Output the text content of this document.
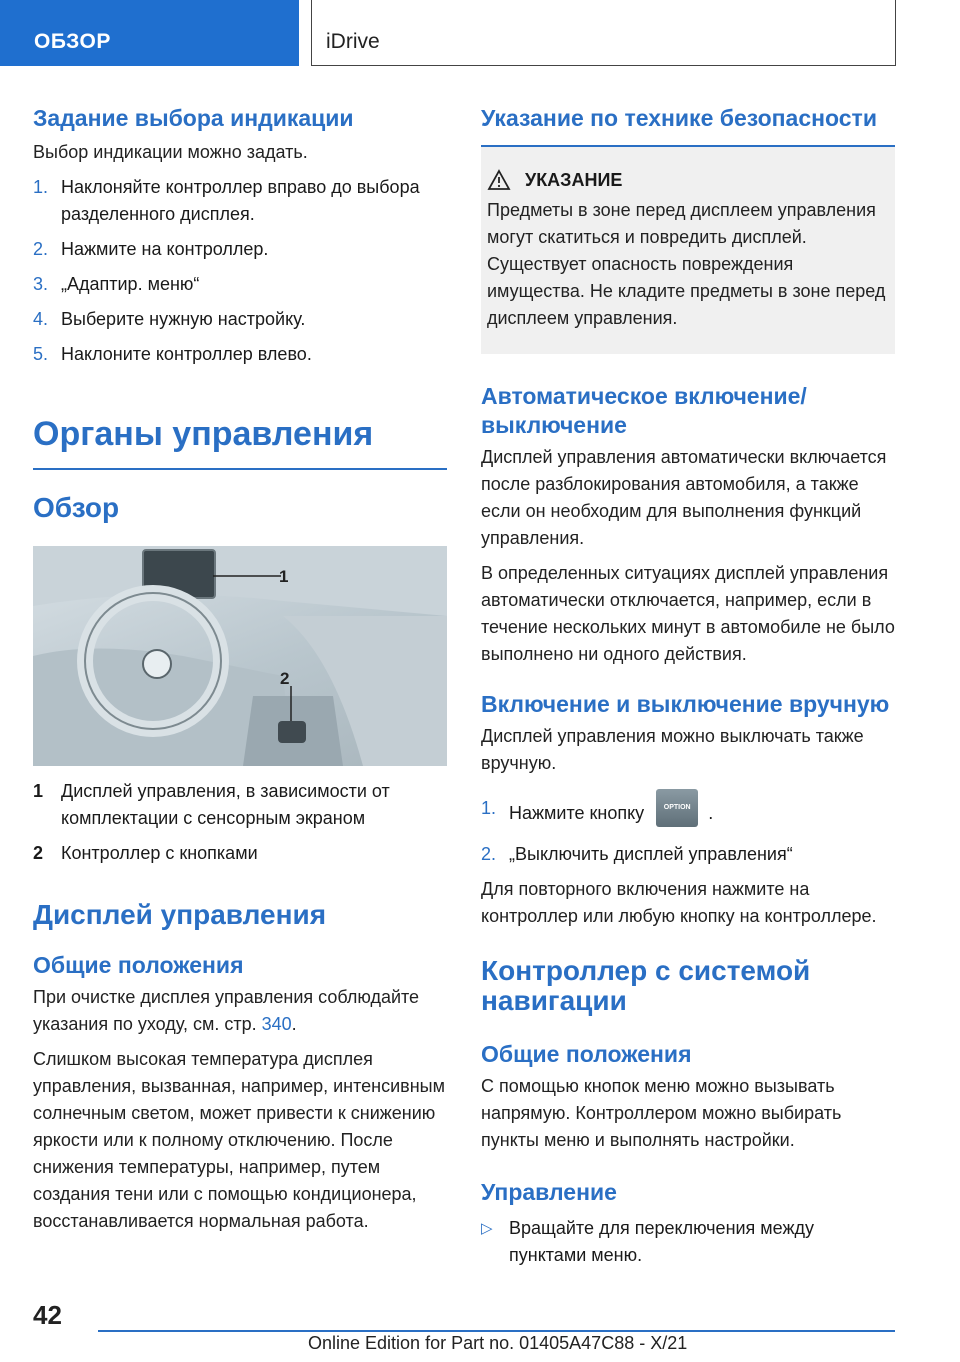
ОБЗОР	iDrive
Задание выбора индикации
Выбор индикации можно задать.
1. Наклоняйте контроллер вправо до выбора разделенного дисплея.
2. Нажмите на контроллер.
3. „Адаптир. меню“
4. Выберите нужную настройку.
5. Наклоните контроллер влево.
Органы управления
Обзор
1
2
1 Дисплей управления, в зависимости от комплектации с сенсорным экраном
2 Контроллер с кнопками
Дисплей управления
Общие положения
При очистке дисплея управления соблюдайте указания по уходу, см. стр. 340.
Слишком высокая температура дисплея управления, вызванная, например, интенсивным солнечным светом, может привести к снижению яркости или к полному отключению. После снижения температуры, например, путем создания тени или с помощью кондиционера, восстанавливается нормальная работа.
Указание по технике безопасности
УКАЗАНИЕ
Предметы в зоне перед дисплеем управления могут скатиться и повредить дисплей. Существует опасность повреждения имущества. Не кладите предметы в зоне перед дисплеем управления.
Автоматическое включение/выключение
Дисплей управления автоматически включается после разблокирования автомобиля, а также если он необходим для выполнения функций управления.
В определенных ситуациях дисплей управления автоматически отключается, например, если в течение нескольких минут в автомобиле не было выполнено ни одного действия.
Включение и выключение вручную
Дисплей управления можно выключать также вручную.
1. Нажмите кнопку	OPTION .
2. „Выключить дисплей управления“
Для повторного включения нажмите на контроллер или любую кнопку на контроллере.
Контроллер с системой навигации
Общие положения
С помощью кнопок меню можно вызывать напрямую. Контроллером можно выбирать пункты меню и выполнять настройки.
Управление
▷ Вращайте для переключения между пунктами меню.
42
Online Edition for Part no. 01405A47C88 - X/21
